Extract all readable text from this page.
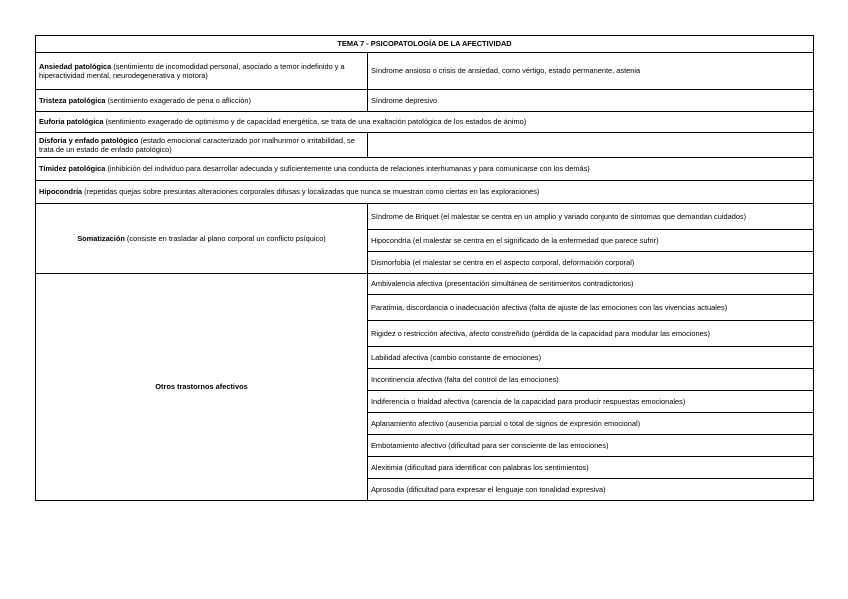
TEMA 7 - PSICOPATOLOGÍA DE LA AFECTIVIDAD	
Ansiedad patológica (sentimiento de incomodidad personal, asociado a temor indefinido y a hiperactividad mental, neurodegenerativa y motora)	Síndrome ansioso o crisis de ansiedad, como vértigo, estado permanente, astenia
Tristeza patológica (sentimiento exagerado de pena o aflicción)	Síndrome depresivo
Euforia patológica (sentimiento exagerado de optimismo y de capacidad energética, se trata de una exaltación patológica de los estados de ánimo)	
Disforia y enfado patológico (estado emocional caracterizado por malhunmor o irritabilidad, se trata de un estado de enfado patológico)	
Timidez patológica (inhibición del individuo para desarrollar adecuada y suficientemente una conducta de relaciones interhumanas y para comunicarse con los demás)	
Hipocondría (repetidas quejas sobre presuntas alteraciones corporales difusas y localizadas que nunca se muestran como ciertas en las exploraciones)	
Somatización (consiste en trasladar al plano corporal un conflicto psíquico)	Síndrome de Briquet (el malestar se centra en un amplio y variado conjunto de síntomas que demandan cuidados)
	Hipocondría (el malestar se centra en el significado de la enfermedad que parece sufrir)
	Dismorfobia (el malestar se centra en el aspecto corporal, deformación corporal)
Otros trastornos afectivos	Ambivalencia afectiva (presentación simultánea de sentimientos contradictorios)
	Paratimia, discordancia o inadecuación afectiva (falta de ajuste de las emociones con las vivencias actuales)
	Rigidez o restricción afectiva, afecto constreñido (pérdida de la capacidad para modular las emociones)
	Labilidad afectiva (cambio constante de emociones)
	Incontinencia afectiva (falta del control de las emociones)
	Indiferencia o frialdad afectiva (carencia de la capacidad para producir respuestas emocionales)
	Aplanamiento afectivo (ausencia parcial o total de signos de expresión emocional)
	Embotamiento afectivo (dificultad para ser consciente de las emociones)
	Alexitimia (dificultad para identificar con palabras los sentimientos)
	Aprosodia (dificultad para expresar el lenguaje con tonalidad expresiva)
